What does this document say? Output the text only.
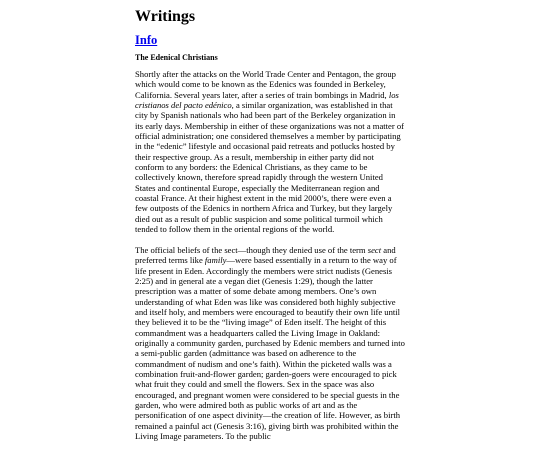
Writings
Info
The Edenical Christians

Shortly after the attacks on the World Trade Center and Pentagon, the group which would come to be known as the Edenics was founded in Berkeley, California. Several years later, after a series of train bombings in Madrid, los cristianos del pacto edénico, a similar organization, was established in that city by Spanish nationals who had been part of the Berkeley organization in its early days. Membership in either of these organizations was not a matter of official administration; one considered themselves a member by participating in the “edenic” lifestyle and occasional paid retreats and potlucks hosted by their respective group. As a result, membership in either party did not conform to any borders: the Edenical Christians, as they came to be collectively known, therefore spread rapidly through the western United States and continental Europe, especially the Mediterranean region and coastal France. At their highest extent in the mid 2000’s, there were even a few outposts of the Edenics in northern Africa and Turkey, but they largely died out as a result of public suspicion and some political turmoil which tended to follow them in the oriental regions of the world.

The official beliefs of the sect—though they denied use of the term sect and preferred terms like family—were based essentially in a return to the way of life present in Eden. Accordingly the members were strict nudists (Genesis 2:25) and in general ate a vegan diet (Genesis 1:29), though the latter prescription was a matter of some debate among members. One’s own understanding of what Eden was like was considered both highly subjective and itself holy, and members were encouraged to beautify their own life until they believed it to be the “living image” of Eden itself. The height of this commandment was a headquarters called the Living Image in Oakland: originally a community garden, purchased by Edenic members and turned into a semi-public garden (admittance was based on adherence to the commandment of nudism and one’s faith). Within the picketed walls was a combination fruit-and-flower garden; garden-goers were encouraged to pick what fruit they could and smell the flowers. Sex in the space was also encouraged, and pregnant women were considered to be special guests in the garden, who were admired both as public works of art and as the personification of one aspect divinity—the creation of life. However, as birth remained a painful act (Genesis 3:16), giving birth was prohibited within the Living Image parameters. To the public
